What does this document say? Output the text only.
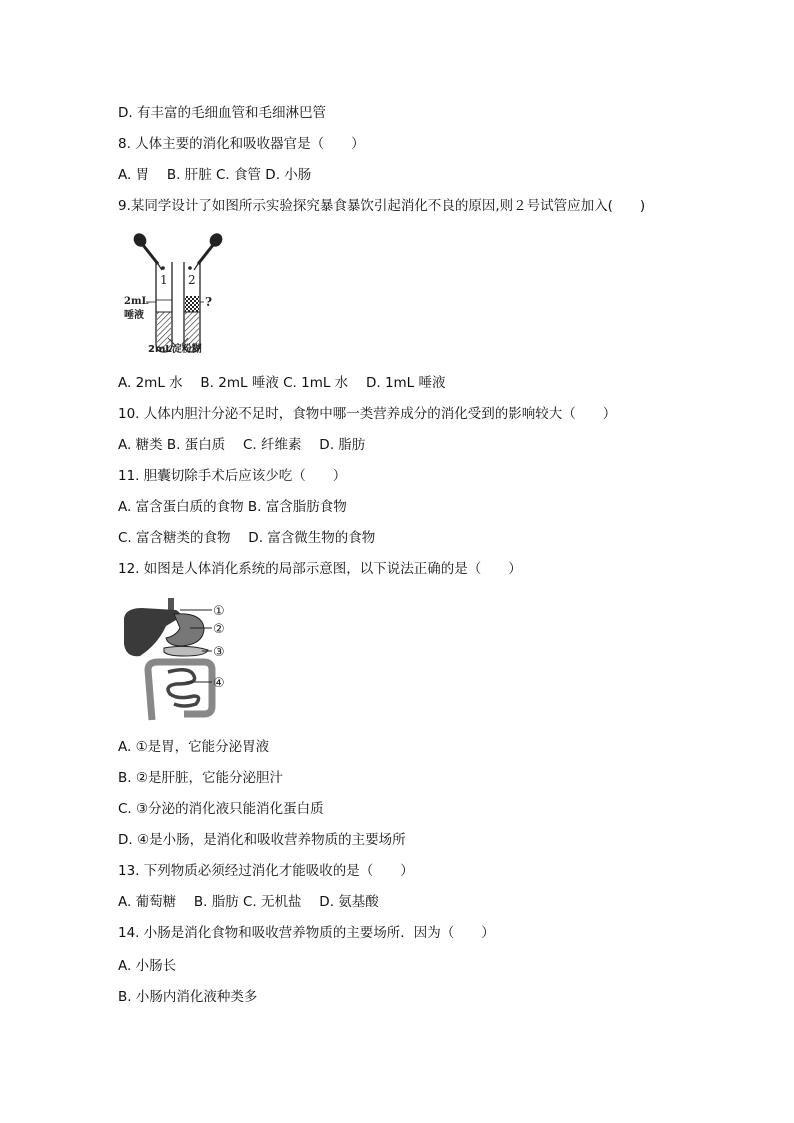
D. 有丰富的毛细血管和毛细淋巴管
8. 人体主要的消化和吸收器官是（　　）
A. 胃　 B. 肝脏 C. 食管 D. 小肠
9.某同学设计了如图所示实验探究暴食暴饮引起消化不良的原因,则２号试管应加入(　　)
1 2
2mL
唾液
?
2mL淀粉糊
A. 2mL 水　 B. 2mL 唾液 C. 1mL 水　 D. 1mL 唾液
10. 人体内胆汁分泌不足时，食物中哪一类营养成分的消化受到的影响较大（　　）
A. 糖类 B. 蛋白质　 C. 纤维素　 D. 脂肪
11. 胆囊切除手术后应该少吃（　　）
A. 富含蛋白质的食物 B. 富含脂肪食物
C. 富含糖类的食物　 D. 富含微生物的食物
12. 如图是人体消化系统的局部示意图，以下说法正确的是（　　）
①
②
③
④
A. ①是胃，它能分泌胃液
B. ②是肝脏，它能分泌胆汁
C. ③分泌的消化液只能消化蛋白质
D. ④是小肠，是消化和吸收营养物质的主要场所
13. 下列物质必须经过消化才能吸收的是（　　）
A. 葡萄糖　 B. 脂肪 C. 无机盐　 D. 氨基酸
14. 小肠是消化食物和吸收营养物质的主要场所．因为（　　）
A. 小肠长
B. 小肠内消化液种类多
